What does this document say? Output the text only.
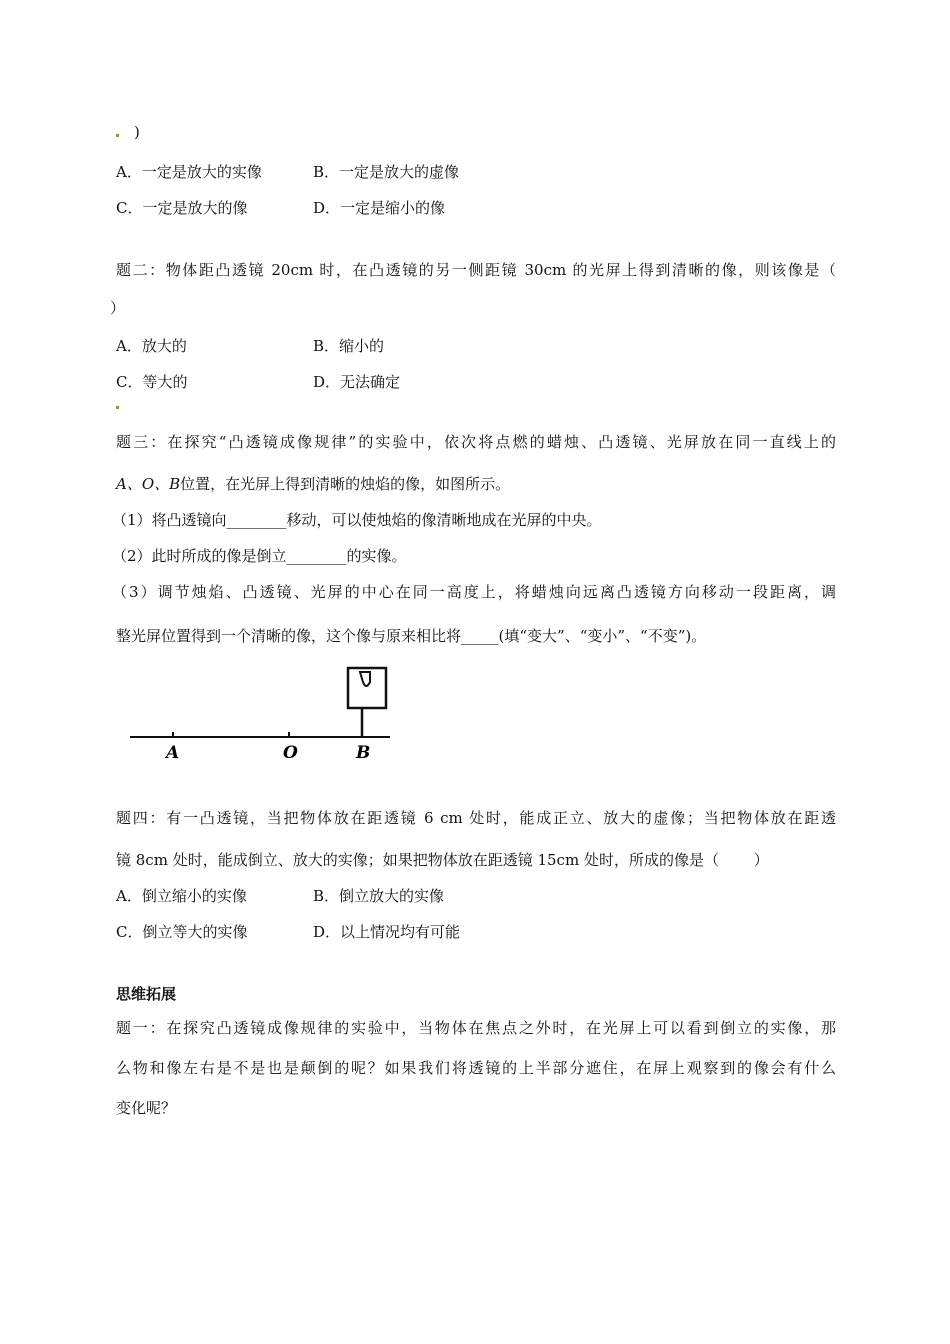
)
A．一定是放大的实像	B．一定是放大的虚像
C．一定是放大的像	D．一定是缩小的像
题二：物体距凸透镜 20cm 时，在凸透镜的另一侧距镜 30cm 的光屏上得到清晰的像，则该像是（
）
A．放大的	B．缩小的
C．等大的	D．无法确定
题三：在探究“凸透镜成像规律”的实验中，依次将点燃的蜡烛、凸透镜、光屏放在同一直线上的
A、O、B位置，在光屏上得到清晰的烛焰的像，如图所示。
（1）将凸透镜向________移动，可以使烛焰的像清晰地成在光屏的中央。
（2）此时所成的像是倒立________的实像。
（3）调节烛焰、凸透镜、光屏的中心在同一高度上，将蜡烛向远离凸透镜方向移动一段距离，调
整光屏位置得到一个清晰的像，这个像与原来相比将_____(填“变大”、“变小”、“不变”)。
A	O	B
题四：有一凸透镜，当把物体放在距透镜 6 cm 处时，能成正立、放大的虚像；当把物体放在距透
镜 8cm 处时，能成倒立、放大的实像；如果把物体放在距透镜 15cm 处时，所成的像是（　　 ）
A．倒立缩小的实像	B．倒立放大的实像
C．倒立等大的实像	D．以上情况均有可能
思维拓展
题一：在探究凸透镜成像规律的实验中，当物体在焦点之外时，在光屏上可以看到倒立的实像，那
么物和像左右是不是也是颠倒的呢？如果我们将透镜的上半部分遮住，在屏上观察到的像会有什么
变化呢？
